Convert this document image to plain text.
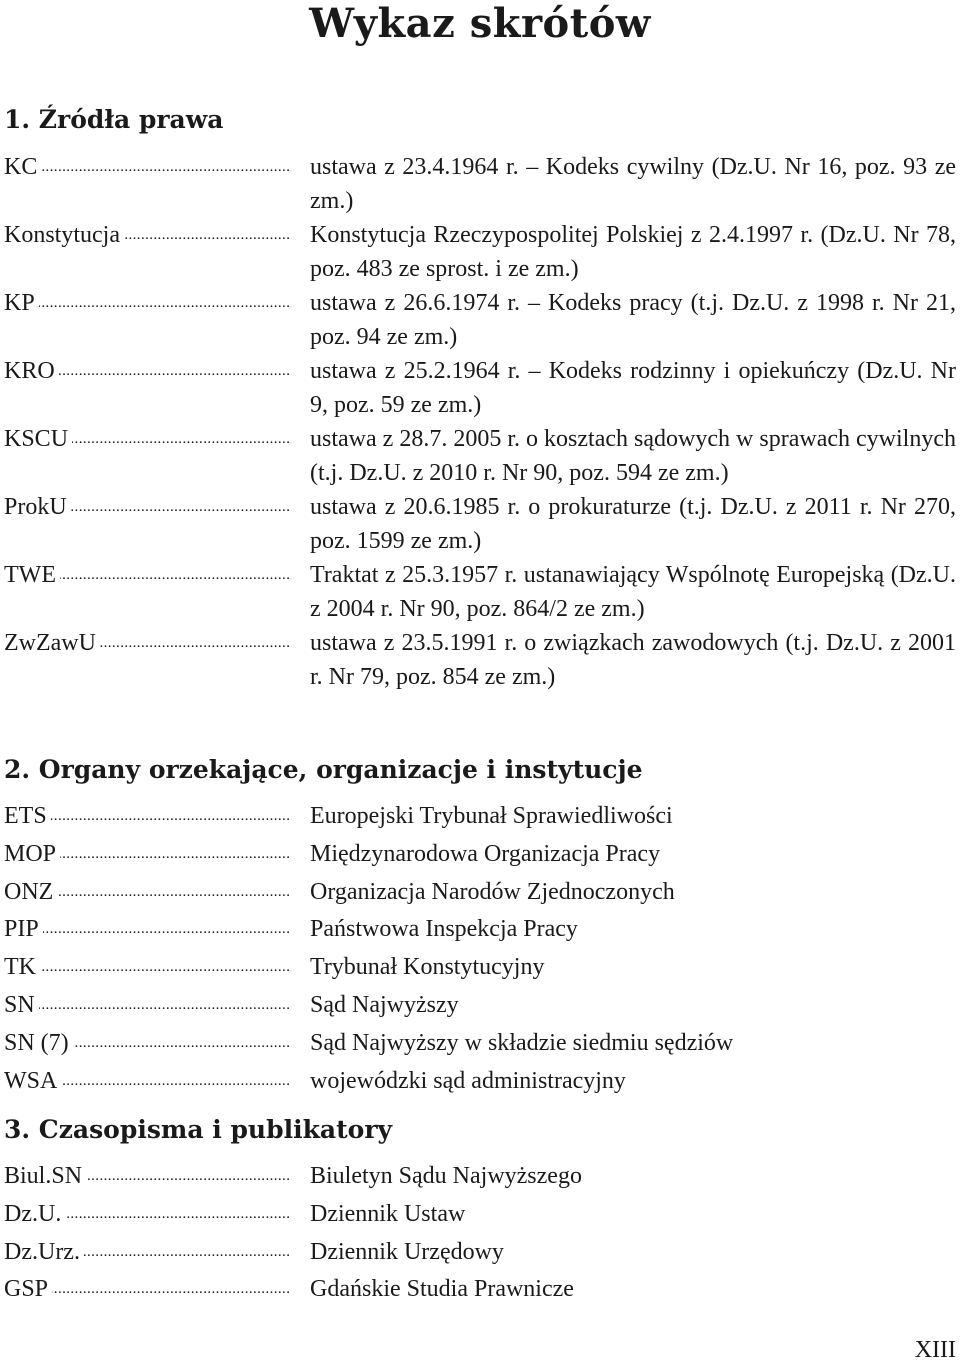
Wykaz skrótów
1. Źródła prawa
KC .....	ustawa z 23.4.1964 r. – Kodeks cywilny (Dz.U. Nr 16, poz. 93 ze zm.)
Konstytucja .....	Konstytucja Rzeczypospolitej Polskiej z 2.4.1997 r. (Dz.U. Nr 78, poz. 483 ze sprost. i ze zm.)
KP .....	ustawa z 26.6.1974 r. – Kodeks pracy (t.j. Dz.U. z 1998 r. Nr 21, poz. 94 ze zm.)
KRO .....	ustawa z 25.2.1964 r. – Kodeks rodzinny i opiekuńczy (Dz.U. Nr 9, poz. 59 ze zm.)
KSCU .....	ustawa z 28.7. 2005 r. o kosztach sądowych w sprawach cywilnych (t.j. Dz.U. z 2010 r. Nr 90, poz. 594 ze zm.)
ProkU .....	ustawa z 20.6.1985 r. o prokuraturze (t.j. Dz.U. z 2011 r. Nr 270, poz. 1599 ze zm.)
TWE .....	Traktat z 25.3.1957 r. ustanawiający Wspólnotę Europejską (Dz.U. z 2004 r. Nr 90, poz. 864/2 ze zm.)
ZwZawU .....	ustawa z 23.5.1991 r. o związkach zawodowych (t.j. Dz.U. z 2001 r. Nr 79, poz. 854 ze zm.)
2. Organy orzekające, organizacje i instytucje
ETS .....	Europejski Trybunał Sprawiedliwości
MOP .....	Międzynarodowa Organizacja Pracy
ONZ .....	Organizacja Narodów Zjednoczonych
PIP .....	Państwowa Inspekcja Pracy
TK .....	Trybunał Konstytucyjny
SN .....	Sąd Najwyższy
SN (7) .....	Sąd Najwyższy w składzie siedmiu sędziów
WSA .....	wojewódzki sąd administracyjny
3. Czasopisma i publikatory
Biul.SN .....	Biuletyn Sądu Najwyższego
Dz.U. .....	Dziennik Ustaw
Dz.Urz. .....	Dziennik Urzędowy
GSP .....	Gdańskie Studia Prawnicze
XIII
